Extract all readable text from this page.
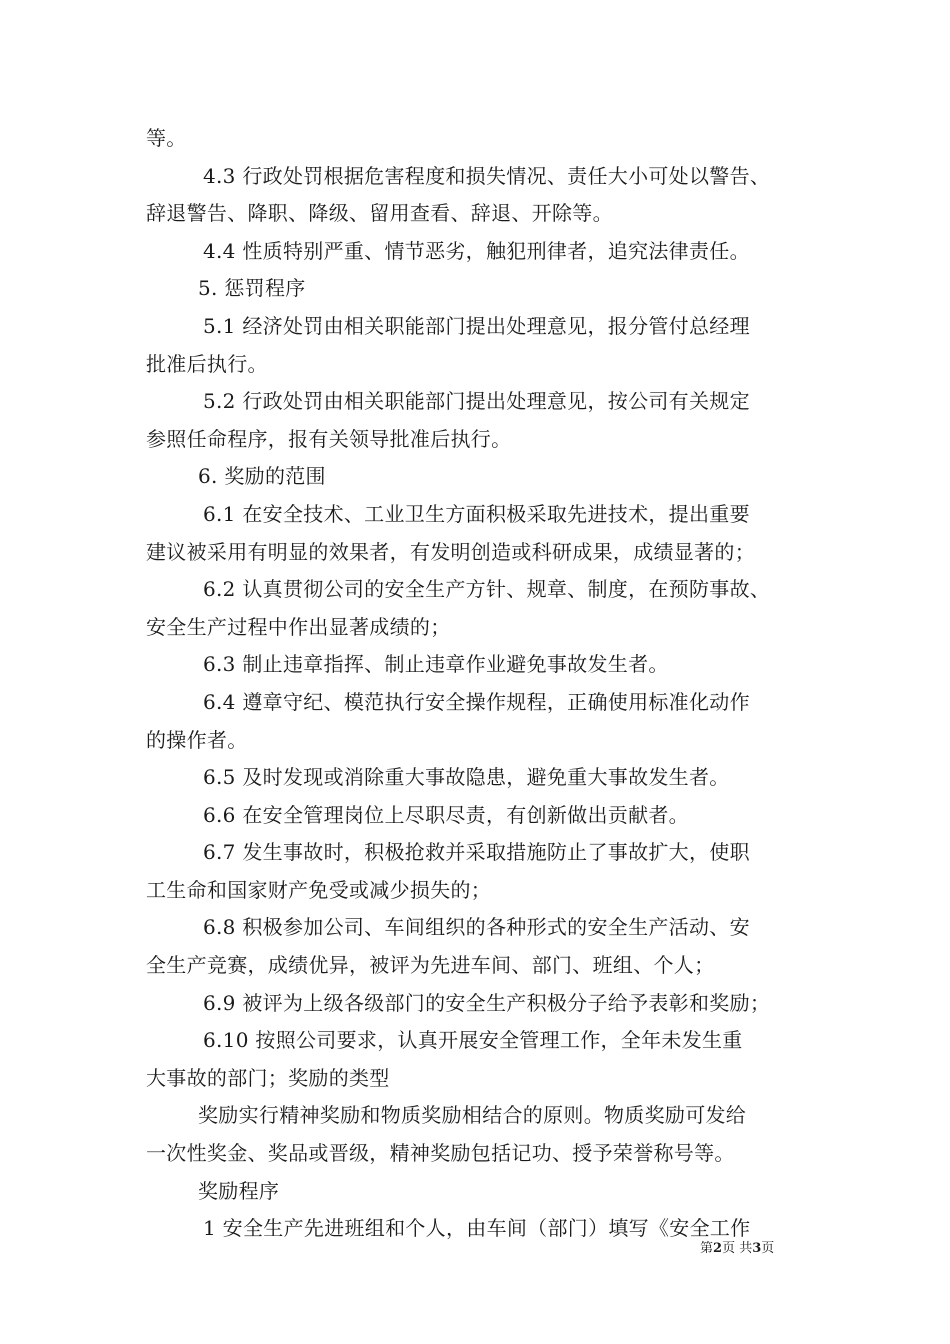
等。
4.3 行政处罚根据危害程度和损失情况、责任大小可处以警告、
辞退警告、降职、降级、留用查看、辞退、开除等。
4.4 性质特别严重、情节恶劣，触犯刑律者，追究法律责任。
5. 惩罚程序
5.1 经济处罚由相关职能部门提出处理意见，报分管付总经理
批准后执行。
5.2 行政处罚由相关职能部门提出处理意见，按公司有关规定
参照任命程序，报有关领导批准后执行。
6. 奖励的范围
6.1 在安全技术、工业卫生方面积极采取先进技术，提出重要
建议被采用有明显的效果者，有发明创造或科研成果，成绩显著的；
6.2 认真贯彻公司的安全生产方针、规章、制度，在预防事故、
安全生产过程中作出显著成绩的；
6.3 制止违章指挥、制止违章作业避免事故发生者。
6.4 遵章守纪、模范执行安全操作规程，正确使用标准化动作
的操作者。
6.5 及时发现或消除重大事故隐患，避免重大事故发生者。
6.6 在安全管理岗位上尽职尽责，有创新做出贡献者。
6.7 发生事故时，积极抢救并采取措施防止了事故扩大，使职
工生命和国家财产免受或减少损失的；
6.8 积极参加公司、车间组织的各种形式的安全生产活动、安
全生产竞赛，成绩优异，被评为先进车间、部门、班组、个人；
6.9 被评为上级各级部门的安全生产积极分子给予表彰和奖励；
6.10 按照公司要求，认真开展安全管理工作，全年未发生重
大事故的部门；奖励的类型
奖励实行精神奖励和物质奖励相结合的原则。物质奖励可发给
一次性奖金、奖品或晋级，精神奖励包括记功、授予荣誉称号等。
奖励程序
1 安全生产先进班组和个人，由车间（部门）填写《安全工作
第2页 共3页
